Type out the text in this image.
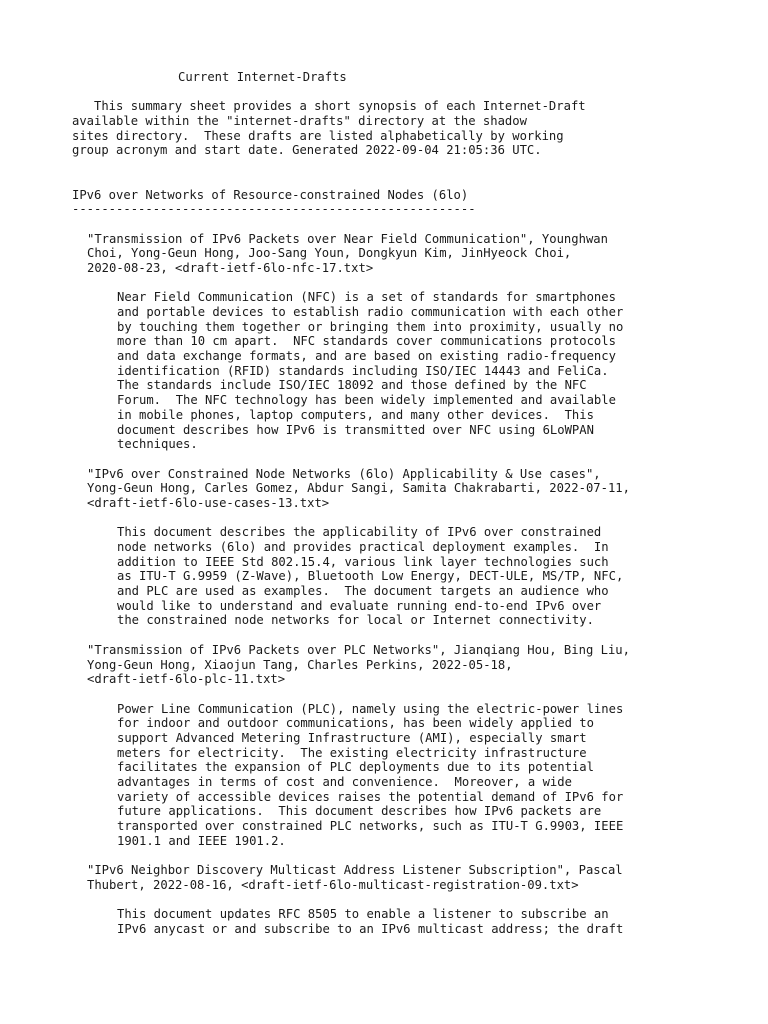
Current Internet-Drafts
This summary sheet provides a short synopsis of each Internet-Draft
available within the "internet-drafts" directory at the shadow
sites directory.  These drafts are listed alphabetically by working
group acronym and start date. Generated 2022-09-04 21:05:36 UTC.
IPv6 over Networks of Resource-constrained Nodes (6lo)
-------------------------------------------------------
"Transmission of IPv6 Packets over Near Field Communication", Younghwan
Choi, Yong-Geun Hong, Joo-Sang Youn, Dongkyun Kim, JinHyeock Choi,
2020-08-23, <draft-ietf-6lo-nfc-17.txt>
Near Field Communication (NFC) is a set of standards for smartphones
and portable devices to establish radio communication with each other
by touching them together or bringing them into proximity, usually no
more than 10 cm apart.  NFC standards cover communications protocols
and data exchange formats, and are based on existing radio-frequency
identification (RFID) standards including ISO/IEC 14443 and FeliCa.
The standards include ISO/IEC 18092 and those defined by the NFC
Forum.  The NFC technology has been widely implemented and available
in mobile phones, laptop computers, and many other devices.  This
document describes how IPv6 is transmitted over NFC using 6LoWPAN
techniques.
"IPv6 over Constrained Node Networks (6lo) Applicability & Use cases",
Yong-Geun Hong, Carles Gomez, Abdur Sangi, Samita Chakrabarti, 2022-07-11,
<draft-ietf-6lo-use-cases-13.txt>
This document describes the applicability of IPv6 over constrained
node networks (6lo) and provides practical deployment examples.  In
addition to IEEE Std 802.15.4, various link layer technologies such
as ITU-T G.9959 (Z-Wave), Bluetooth Low Energy, DECT-ULE, MS/TP, NFC,
and PLC are used as examples.  The document targets an audience who
would like to understand and evaluate running end-to-end IPv6 over
the constrained node networks for local or Internet connectivity.
"Transmission of IPv6 Packets over PLC Networks", Jianqiang Hou, Bing Liu,
Yong-Geun Hong, Xiaojun Tang, Charles Perkins, 2022-05-18,
<draft-ietf-6lo-plc-11.txt>
Power Line Communication (PLC), namely using the electric-power lines
for indoor and outdoor communications, has been widely applied to
support Advanced Metering Infrastructure (AMI), especially smart
meters for electricity.  The existing electricity infrastructure
facilitates the expansion of PLC deployments due to its potential
advantages in terms of cost and convenience.  Moreover, a wide
variety of accessible devices raises the potential demand of IPv6 for
future applications.  This document describes how IPv6 packets are
transported over constrained PLC networks, such as ITU-T G.9903, IEEE
1901.1 and IEEE 1901.2.
"IPv6 Neighbor Discovery Multicast Address Listener Subscription", Pascal
Thubert, 2022-08-16, <draft-ietf-6lo-multicast-registration-09.txt>
This document updates RFC 8505 to enable a listener to subscribe an
IPv6 anycast or and subscribe to an IPv6 multicast address; the draft
